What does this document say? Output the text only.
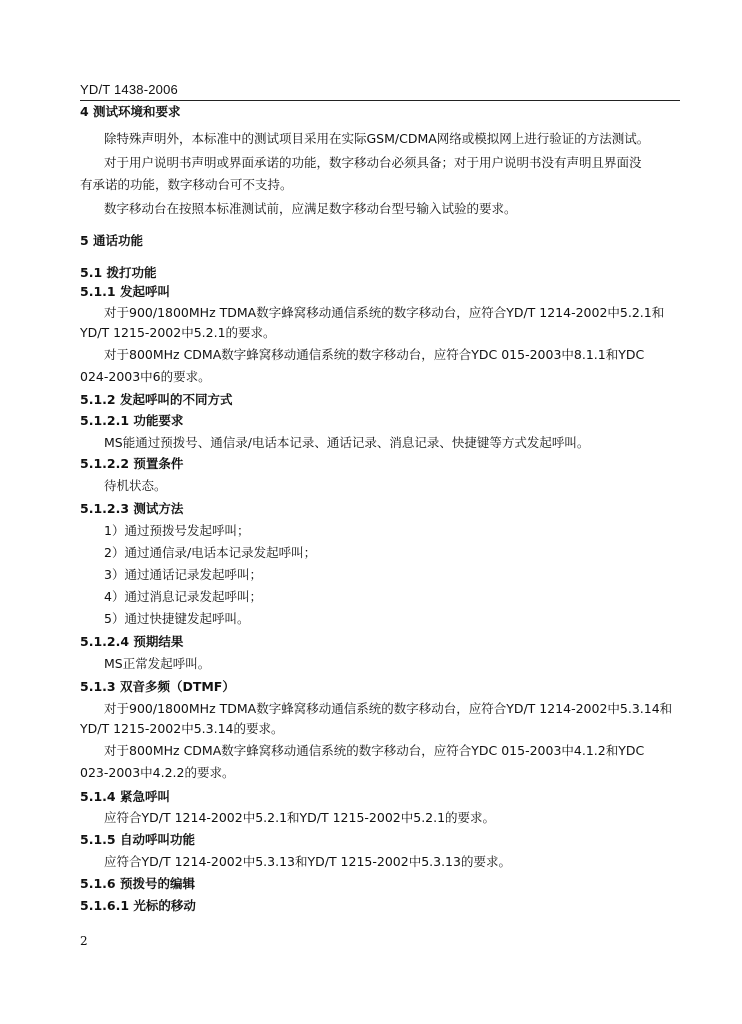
YD/T 1438-2006
4 测试环境和要求
除特殊声明外，本标准中的测试项目采用在实际GSM/CDMA网络或模拟网上进行验证的方法测试。
对于用户说明书声明或界面承诺的功能，数字移动台必须具备；对于用户说明书没有声明且界面没
有承诺的功能，数字移动台可不支持。
数字移动台在按照本标准测试前，应满足数字移动台型号输入试验的要求。
5 通话功能
5.1 拨打功能
5.1.1 发起呼叫
对于900/1800MHz TDMA数字蜂窝移动通信系统的数字移动台，应符合YD/T 1214-2002中5.2.1和
YD/T 1215-2002中5.2.1的要求。
对于800MHz CDMA数字蜂窝移动通信系统的数字移动台，应符合YDC 015-2003中8.1.1和YDC
024-2003中6的要求。
5.1.2 发起呼叫的不同方式
5.1.2.1 功能要求
MS能通过预拨号、通信录/电话本记录、通话记录、消息记录、快捷键等方式发起呼叫。
5.1.2.2 预置条件
待机状态。
5.1.2.3 测试方法
1）通过预拨号发起呼叫；
2）通过通信录/电话本记录发起呼叫；
3）通过通话记录发起呼叫；
4）通过消息记录发起呼叫；
5）通过快捷键发起呼叫。
5.1.2.4 预期结果
MS正常发起呼叫。
5.1.3 双音多频（DTMF）
对于900/1800MHz TDMA数字蜂窝移动通信系统的数字移动台，应符合YD/T 1214-2002中5.3.14和
YD/T 1215-2002中5.3.14的要求。
对于800MHz CDMA数字蜂窝移动通信系统的数字移动台，应符合YDC 015-2003中4.1.2和YDC
023-2003中4.2.2的要求。
5.1.4 紧急呼叫
应符合YD/T 1214-2002中5.2.1和YD/T 1215-2002中5.2.1的要求。
5.1.5 自动呼叫功能
应符合YD/T 1214-2002中5.3.13和YD/T 1215-2002中5.3.13的要求。
5.1.6 预拨号的编辑
5.1.6.1 光标的移动
2
